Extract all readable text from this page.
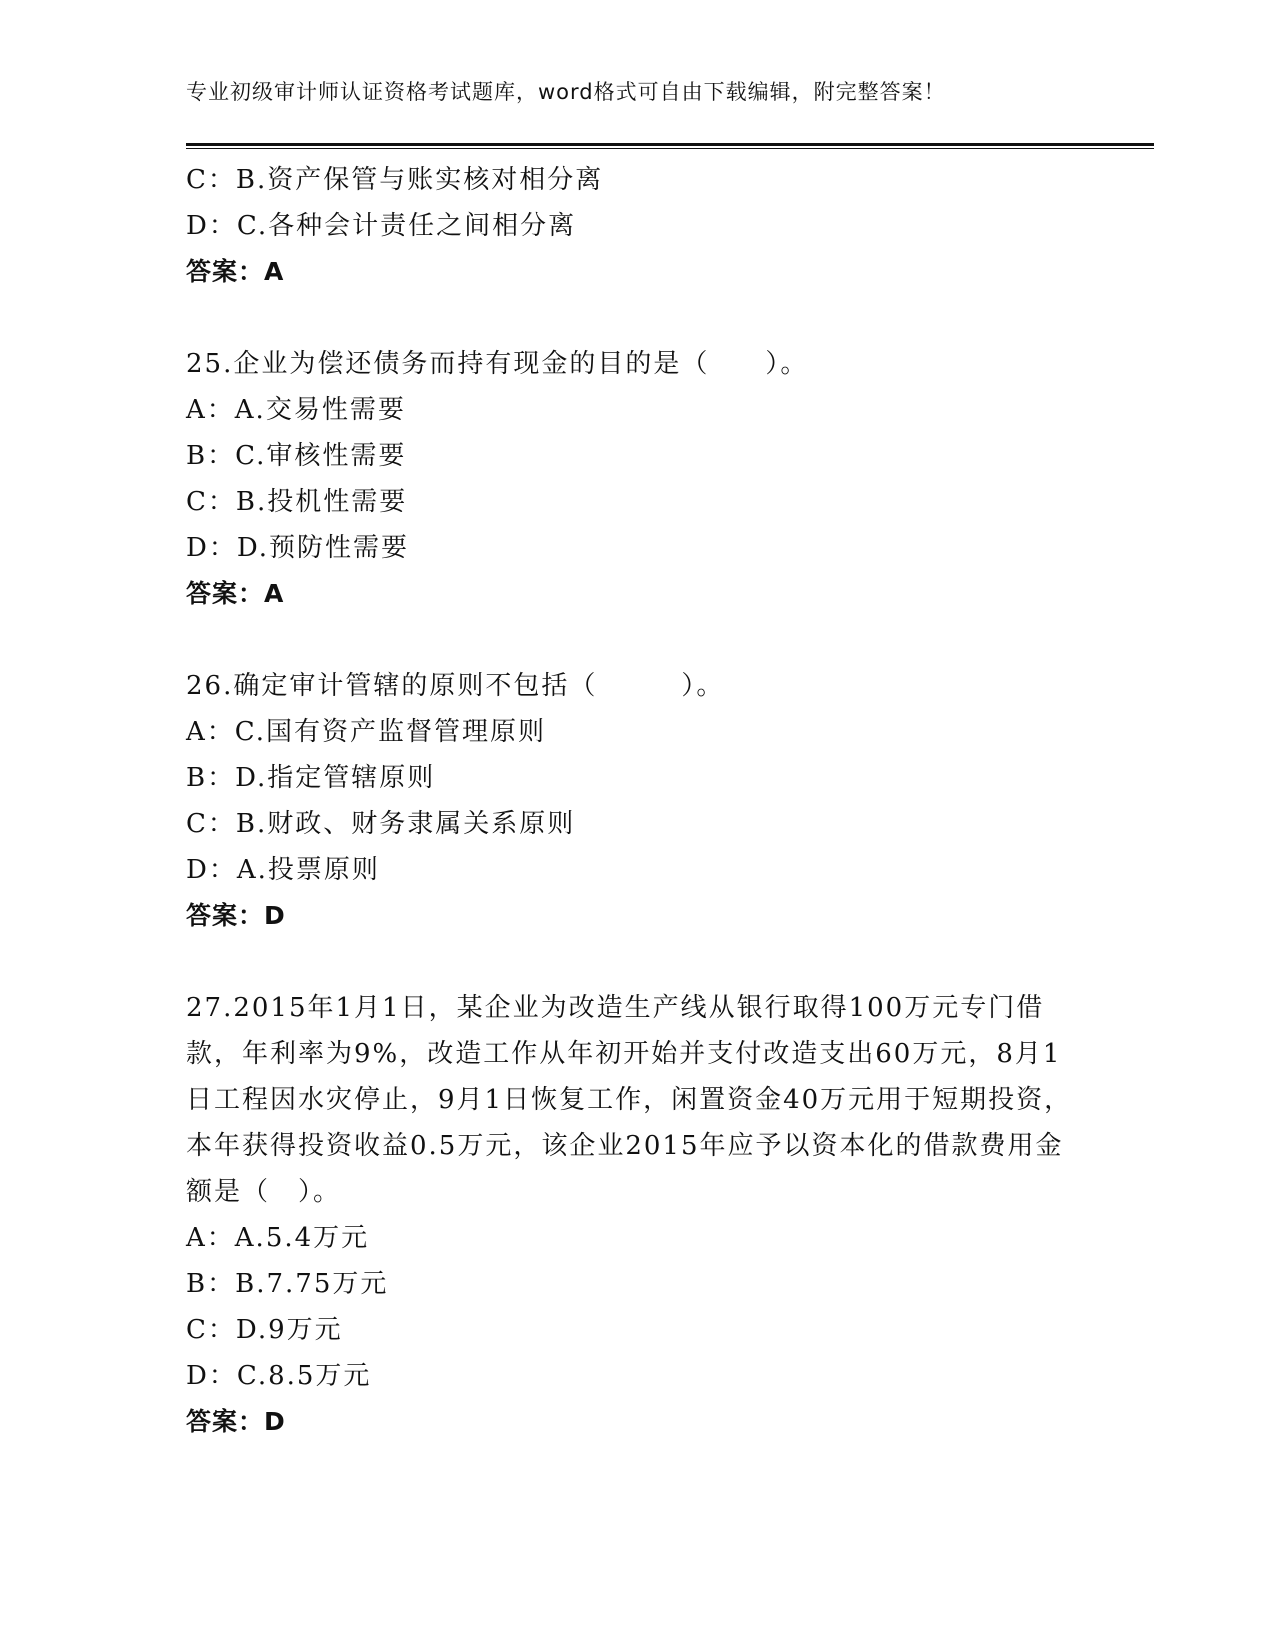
专业初级审计师认证资格考试题库，word格式可自由下载编辑，附完整答案！
C：B.资产保管与账实核对相分离
D：C.各种会计责任之间相分离
答案：A
25.企业为偿还债务而持有现金的目的是（　　）。
A：A.交易性需要
B：C.审核性需要
C：B.投机性需要
D：D.预防性需要
答案：A
26.确定审计管辖的原则不包括（　　　）。
A：C.国有资产监督管理原则
B：D.指定管辖原则
C：B.财政、财务隶属关系原则
D：A.投票原则
答案：D
27.2015年1月1日，某企业为改造生产线从银行取得100万元专门借款，年利率为9%，改造工作从年初开始并支付改造支出60万元，8月1日工程因水灾停止，9月1日恢复工作，闲置资金40万元用于短期投资，本年获得投资收益0.5万元，该企业2015年应予以资本化的借款费用金额是（　）。
A：A.5.4万元
B：B.7.75万元
C：D.9万元
D：C.8.5万元
答案：D
